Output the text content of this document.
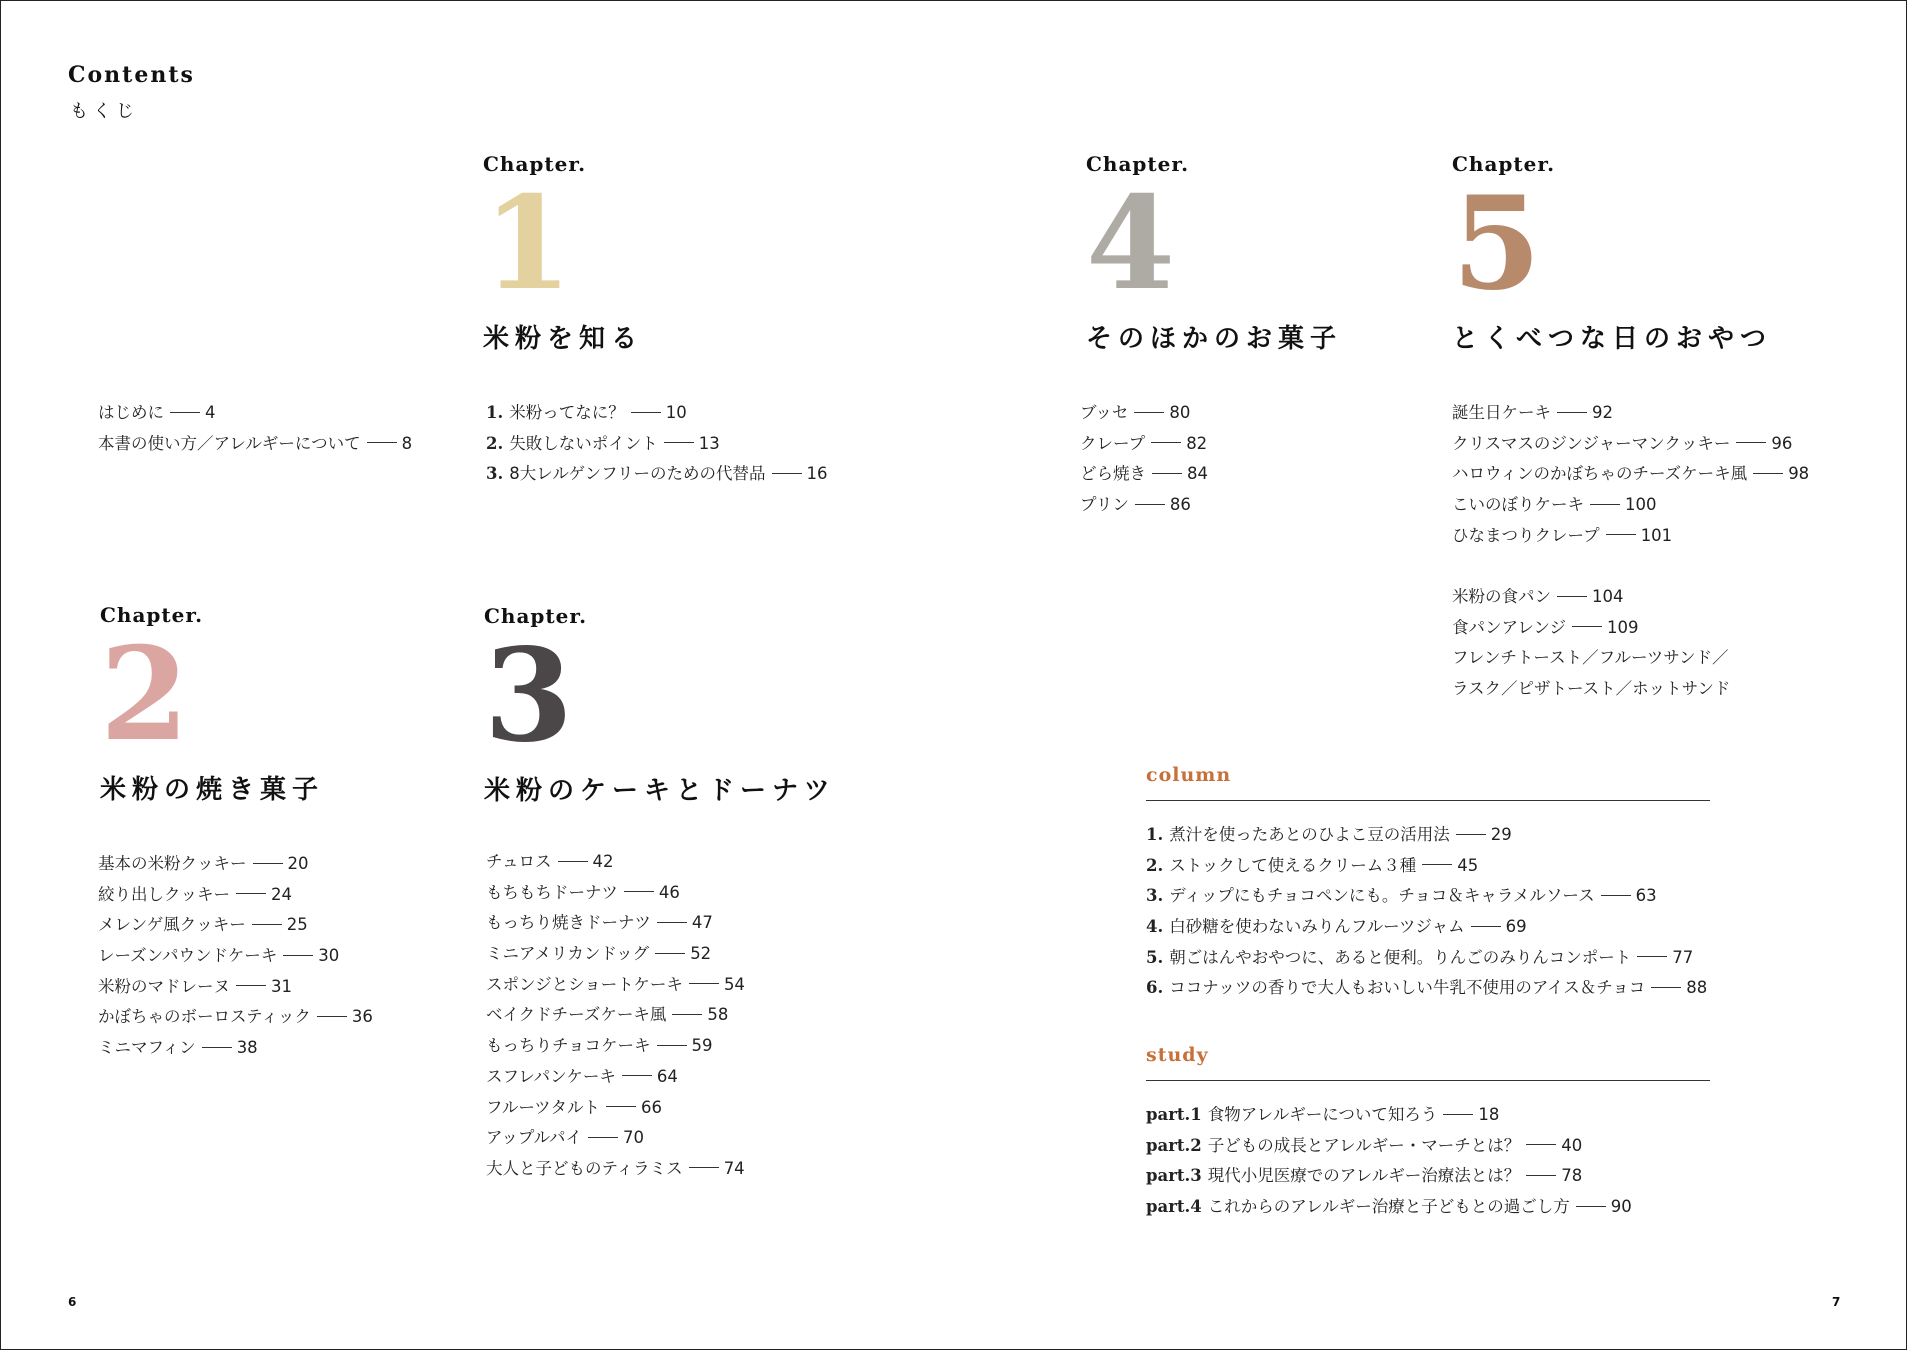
Contents
もくじ
はじめに 4
本書の使い方／アレルギーについて 8
Chapter.
1
米粉を知る
1. 米粉ってなに？ 10
2. 失敗しないポイント 13
3. 8大レルゲンフリーのための代替品 16
Chapter.
4
そのほかのお菓子
ブッセ 80
クレープ 82
どら焼き 84
プリン 86
Chapter.
5
とくべつな日のおやつ
誕生日ケーキ 92
クリスマスのジンジャーマンクッキー 96
ハロウィンのかぼちゃのチーズケーキ風 98
こいのぼりケーキ 100
ひなまつりクレープ 101
米粉の食パン 104
食パンアレンジ 109
フレンチトースト／フルーツサンド／
ラスク／ピザトースト／ホットサンド
Chapter.
2
米粉の焼き菓子
基本の米粉クッキー 20
絞り出しクッキー 24
メレンゲ風クッキー 25
レーズンパウンドケーキ 30
米粉のマドレーヌ 31
かぼちゃのボーロスティック 36
ミニマフィン 38
Chapter.
3
米粉のケーキとドーナツ
チュロス 42
もちもちドーナツ 46
もっちり焼きドーナツ 47
ミニアメリカンドッグ 52
スポンジとショートケーキ 54
ベイクドチーズケーキ風 58
もっちりチョコケーキ 59
スフレパンケーキ 64
フルーツタルト 66
アップルパイ 70
大人と子どものティラミス 74
column
1. 煮汁を使ったあとのひよこ豆の活用法 29
2. ストックして使えるクリーム３種 45
3. ディップにもチョコペンにも。チョコ＆キャラメルソース 63
4. 白砂糖を使わないみりんフルーツジャム 69
5. 朝ごはんやおやつに、あると便利。りんごのみりんコンポート 77
6. ココナッツの香りで大人もおいしい牛乳不使用のアイス＆チョコ 88
study
part.1 食物アレルギーについて知ろう 18
part.2 子どもの成長とアレルギー・マーチとは？ 40
part.3 現代小児医療でのアレルギー治療法とは？ 78
part.4 これからのアレルギー治療と子どもとの過ごし方 90
6	7
